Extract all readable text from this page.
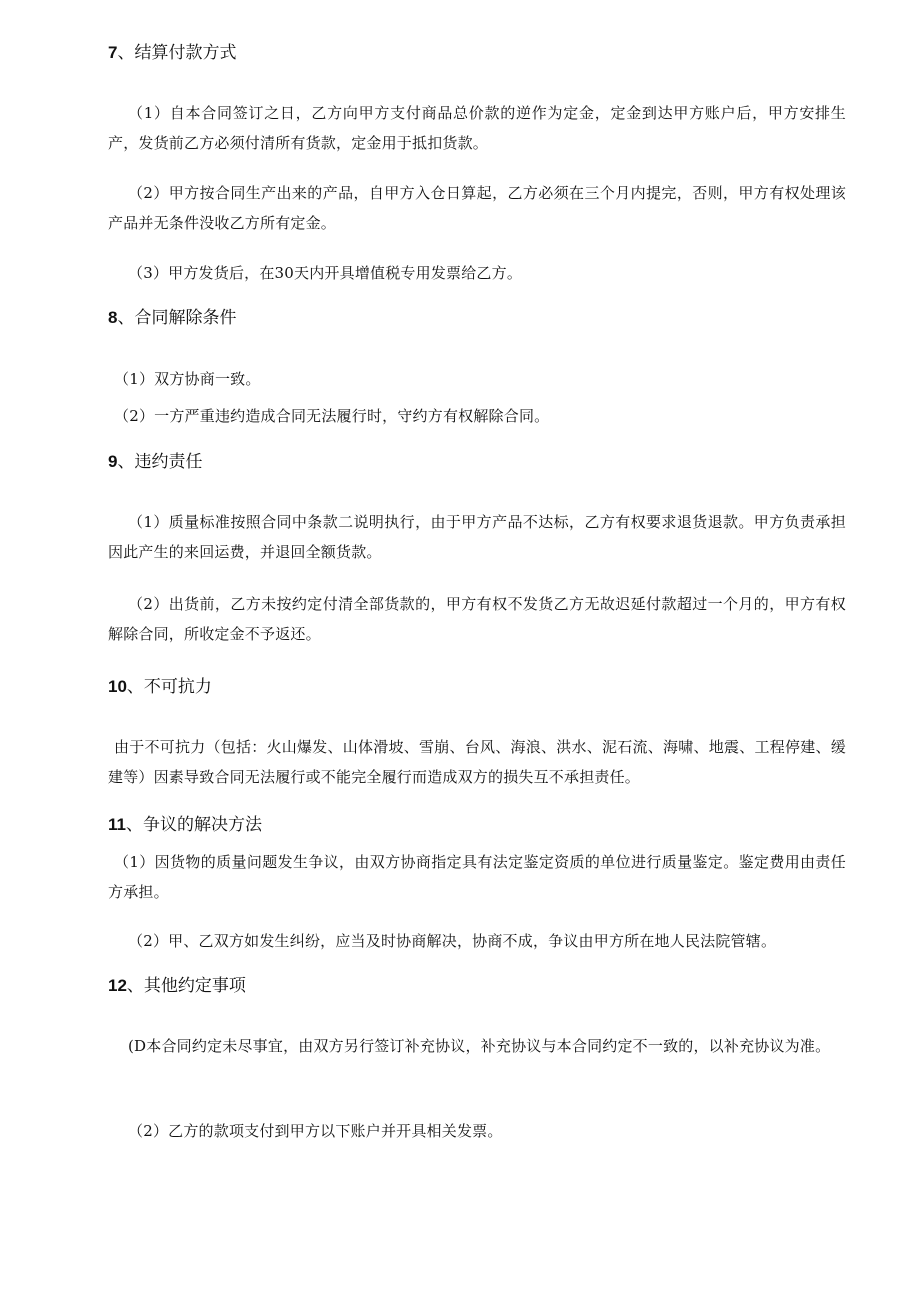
7、结算付款方式

（1）自本合同签订之日，乙方向甲方支付商品总价款的逆作为定金，定金到达甲方账户后，甲方安排生产，发货前乙方必须付清所有货款，定金用于抵扣货款。

（2）甲方按合同生产出来的产品，自甲方入仓日算起，乙方必须在三个月内提完，否则，甲方有权处理该产品并无条件没收乙方所有定金。

（3）甲方发货后，在30天内开具增值税专用发票给乙方。

8、合同解除条件

（1）双方协商一致。

（2）一方严重违约造成合同无法履行时，守约方有权解除合同。

9、违约责任

（1）质量标准按照合同中条款二说明执行，由于甲方产品不达标，乙方有权要求退货退款。甲方负责承担因此产生的来回运费，并退回全额货款。

（2）出货前，乙方未按约定付清全部货款的，甲方有权不发货乙方无故迟延付款超过一个月的，甲方有权解除合同，所收定金不予返还。

10、不可抗力

由于不可抗力（包括：火山爆发、山体滑坡、雪崩、台风、海浪、洪水、泥石流、海啸、地震、工程停建、缓建等）因素导致合同无法履行或不能完全履行而造成双方的损失互不承担责任。

11、争议的解决方法

（1）因货物的质量问题发生争议，由双方协商指定具有法定鉴定资质的单位进行质量鉴定。鉴定费用由责任方承担。

（2）甲、乙双方如发生纠纷，应当及时协商解决，协商不成，争议由甲方所在地人民法院管辖。

12、其他约定事项

(D本合同约定未尽事宜，由双方另行签订补充协议，补充协议与本合同约定不一致的，以补充协议为准。

（2）乙方的款项支付到甲方以下账户并开具相关发票。
